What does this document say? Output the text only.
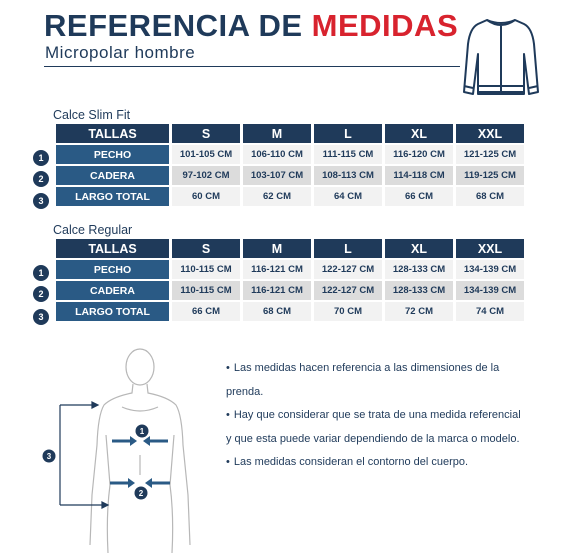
REFERENCIA DE MEDIDAS
Micropolar hombre
Calce Slim Fit
TALLAS	S	M	L	XL	XXL
PECHO	101-105 CM	106-110 CM	111-115 CM	116-120 CM	121-125 CM
CADERA	97-102 CM	103-107 CM	108-113 CM	114-118 CM	119-125 CM
LARGO TOTAL	60 CM	62 CM	64 CM	66 CM	68 CM
1
2
3
Calce Regular
TALLAS	S	M	L	XL	XXL
PECHO	110-115 CM	116-121 CM	122-127 CM	128-133 CM	134-139 CM
CADERA	110-115 CM	116-121 CM	122-127 CM	128-133 CM	134-139 CM
LARGO TOTAL	66 CM	68 CM	70 CM	72 CM	74 CM
1
2
3
1
2
3

• Las medidas hacen referencia a las dimensiones de la prenda.

• Hay que considerar que se trata de una medida referencial y que esta puede variar dependiendo de la marca o modelo.

• Las medidas consideran el contorno del cuerpo.
